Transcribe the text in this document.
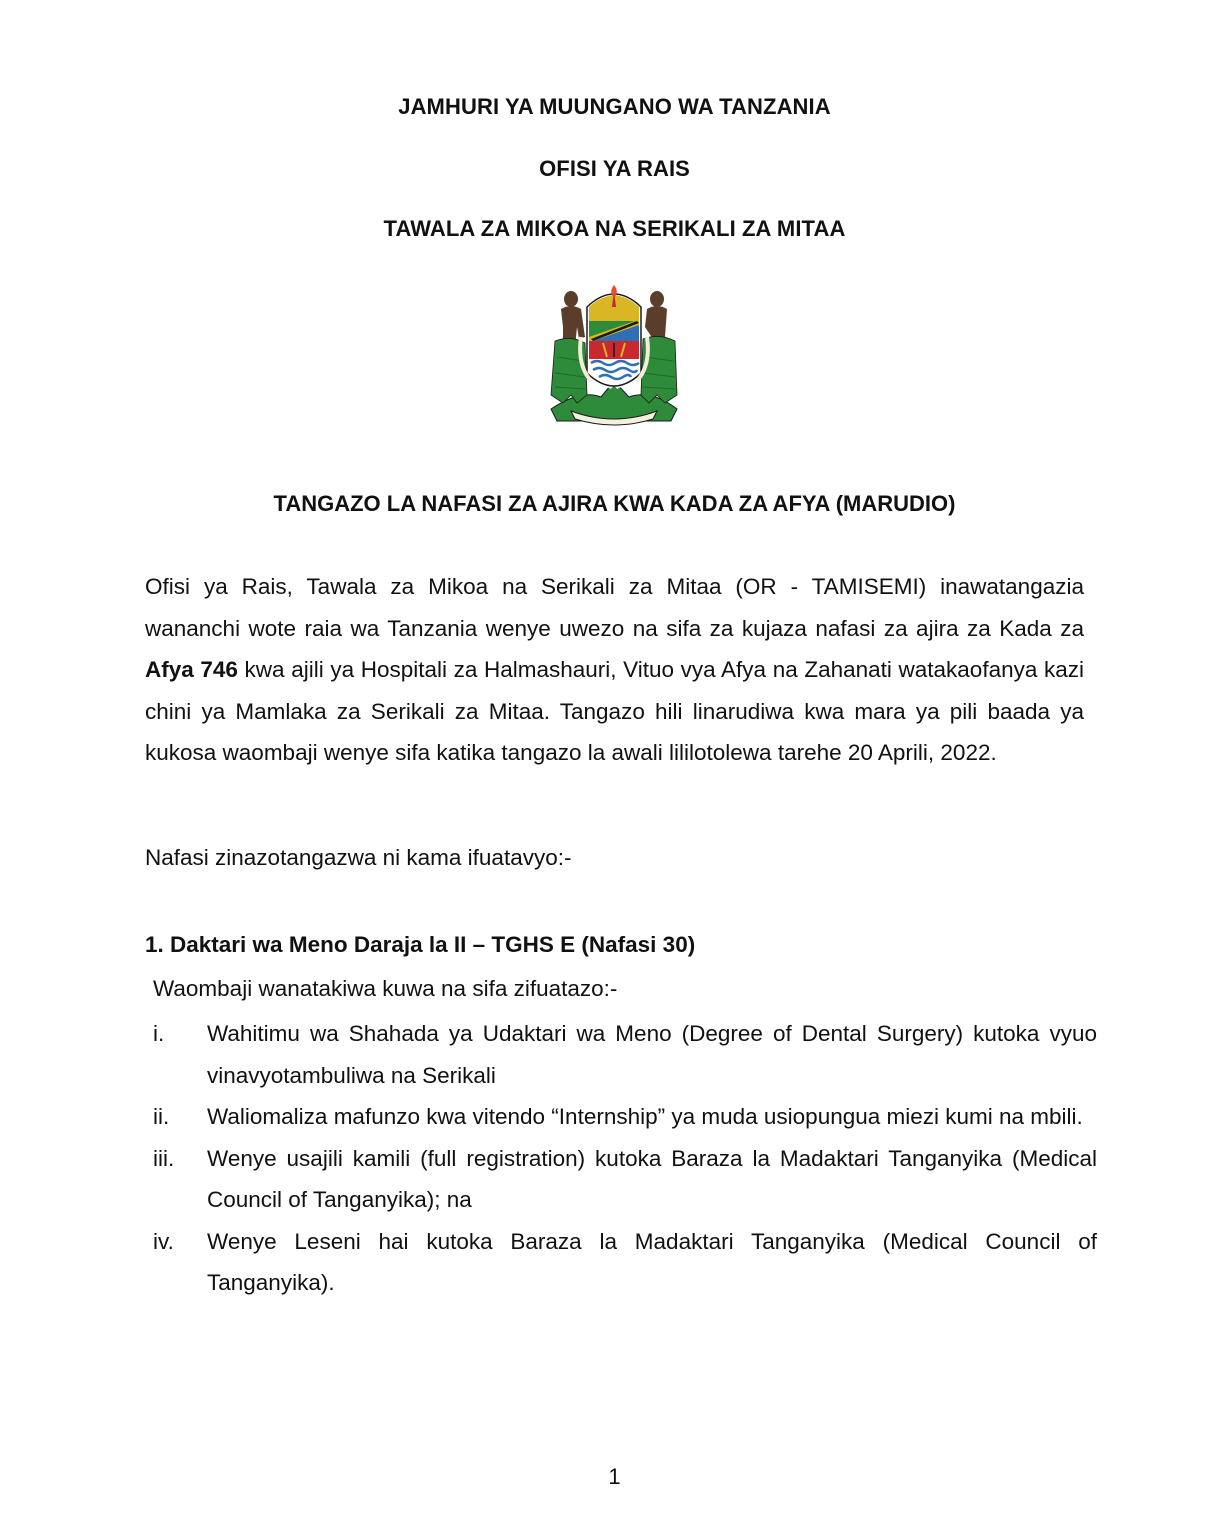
JAMHURI YA MUUNGANO WA TANZANIA
OFISI YA RAIS
TAWALA ZA MIKOA NA SERIKALI ZA MITAA
TANGAZO LA NAFASI ZA AJIRA KWA KADA ZA AFYA (MARUDIO)

Ofisi ya Rais, Tawala za Mikoa na Serikali za Mitaa (OR - TAMISEMI) inawatangazia wananchi wote raia wa Tanzania wenye uwezo na sifa za kujaza nafasi za ajira za Kada za Afya 746 kwa ajili ya Hospitali za Halmashauri, Vituo vya Afya na Zahanati watakaofanya kazi chini ya Mamlaka za Serikali za Mitaa. Tangazo hili linarudiwa kwa mara ya pili baada ya kukosa waombaji wenye sifa katika tangazo la awali lililotolewa tarehe 20 Aprili, 2022.

Nafasi zinazotangazwa ni kama ifuatavyo:-
1. Daktari wa Meno Daraja la II – TGHS E (Nafasi 30)
Waombaji wanatakiwa kuwa na sifa zifuatazo:-
i.	Wahitimu wa Shahada ya Udaktari wa Meno (Degree of Dental Surgery) kutoka vyuo vinavyotambuliwa na Serikali
ii.	Waliomaliza mafunzo kwa vitendo “Internship” ya muda usiopungua miezi kumi na mbili.
iii.	Wenye usajili kamili (full registration) kutoka Baraza la Madaktari Tanganyika (Medical Council of Tanganyika); na
iv.	Wenye Leseni hai kutoka Baraza la Madaktari Tanganyika (Medical Council of Tanganyika).
1
